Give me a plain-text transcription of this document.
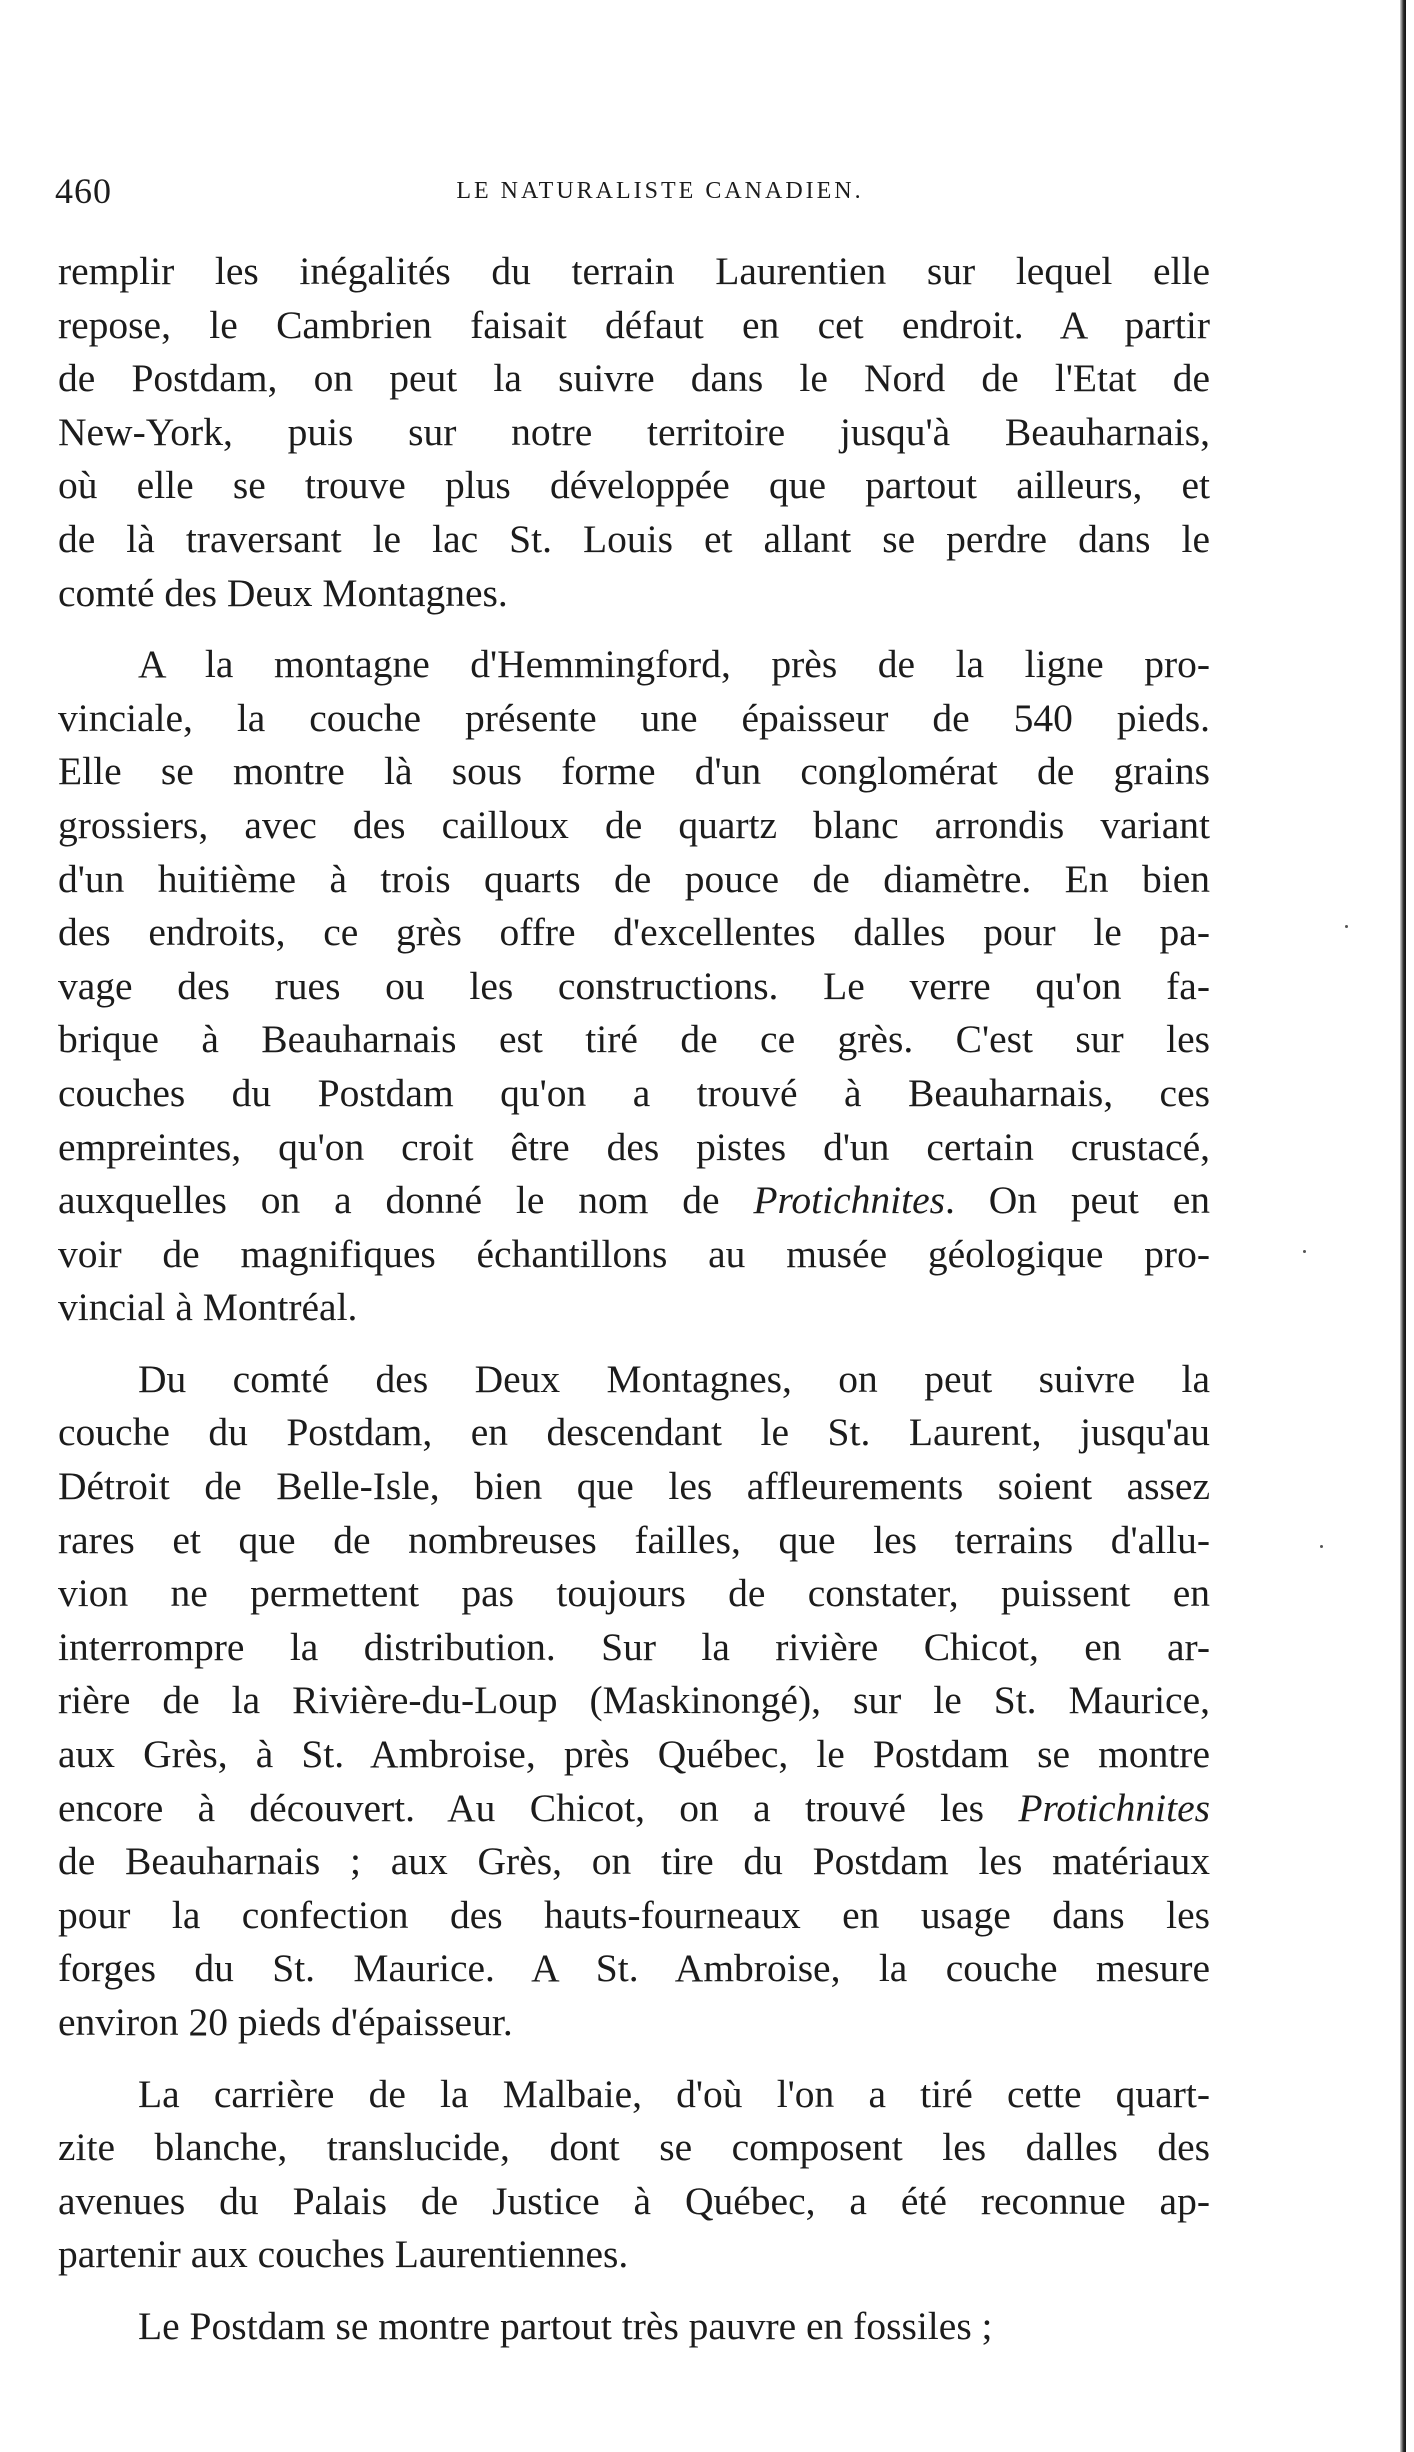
460	LE NATURALISTE CANADIEN.

remplir les inégalités du terrain Laurentien sur lequel elle
repose, le Cambrien faisait défaut en cet endroit. A partir
de Postdam, on peut la suivre dans le Nord de l'Etat de
New-York, puis sur notre territoire jusqu'à Beauharnais,
où elle se trouve plus développée que partout ailleurs, et
de là traversant le lac St. Louis et allant se perdre dans le
comté des Deux Montagnes.

A la montagne d'Hemmingford, près de la ligne pro-
vinciale, la couche présente une épaisseur de 540 pieds.
Elle se montre là sous forme d'un conglomérat de grains
grossiers, avec des cailloux de quartz blanc arrondis variant
d'un huitième à trois quarts de pouce de diamètre. En bien
des endroits, ce grès offre d'excellentes dalles pour le pa-
vage des rues ou les constructions. Le verre qu'on fa-
brique à Beauharnais est tiré de ce grès. C'est sur les
couches du Postdam qu'on a trouvé à Beauharnais, ces
empreintes, qu'on croit être des pistes d'un certain crustacé,
auxquelles on a donné le nom de Protichnites. On peut en
voir de magnifiques échantillons au musée géologique pro-
vincial à Montréal.

Du comté des Deux Montagnes, on peut suivre la
couche du Postdam, en descendant le St. Laurent, jusqu'au
Détroit de Belle-Isle, bien que les affleurements soient assez
rares et que de nombreuses failles, que les terrains d'allu-
vion ne permettent pas toujours de constater, puissent en
interrompre la distribution. Sur la rivière Chicot, en ar-
rière de la Rivière-du-Loup (Maskinongé), sur le St. Maurice,
aux Grès, à St. Ambroise, près Québec, le Postdam se montre
encore à découvert. Au Chicot, on a trouvé les Protichnites
de Beauharnais ; aux Grès, on tire du Postdam les matériaux
pour la confection des hauts-fourneaux en usage dans les
forges du St. Maurice. A St. Ambroise, la couche mesure
environ 20 pieds d'épaisseur.

La carrière de la Malbaie, d'où l'on a tiré cette quart-
zite blanche, translucide, dont se composent les dalles des
avenues du Palais de Justice à Québec, a été reconnue ap-
partenir aux couches Laurentiennes.

Le Postdam se montre partout très pauvre en fossiles ;
